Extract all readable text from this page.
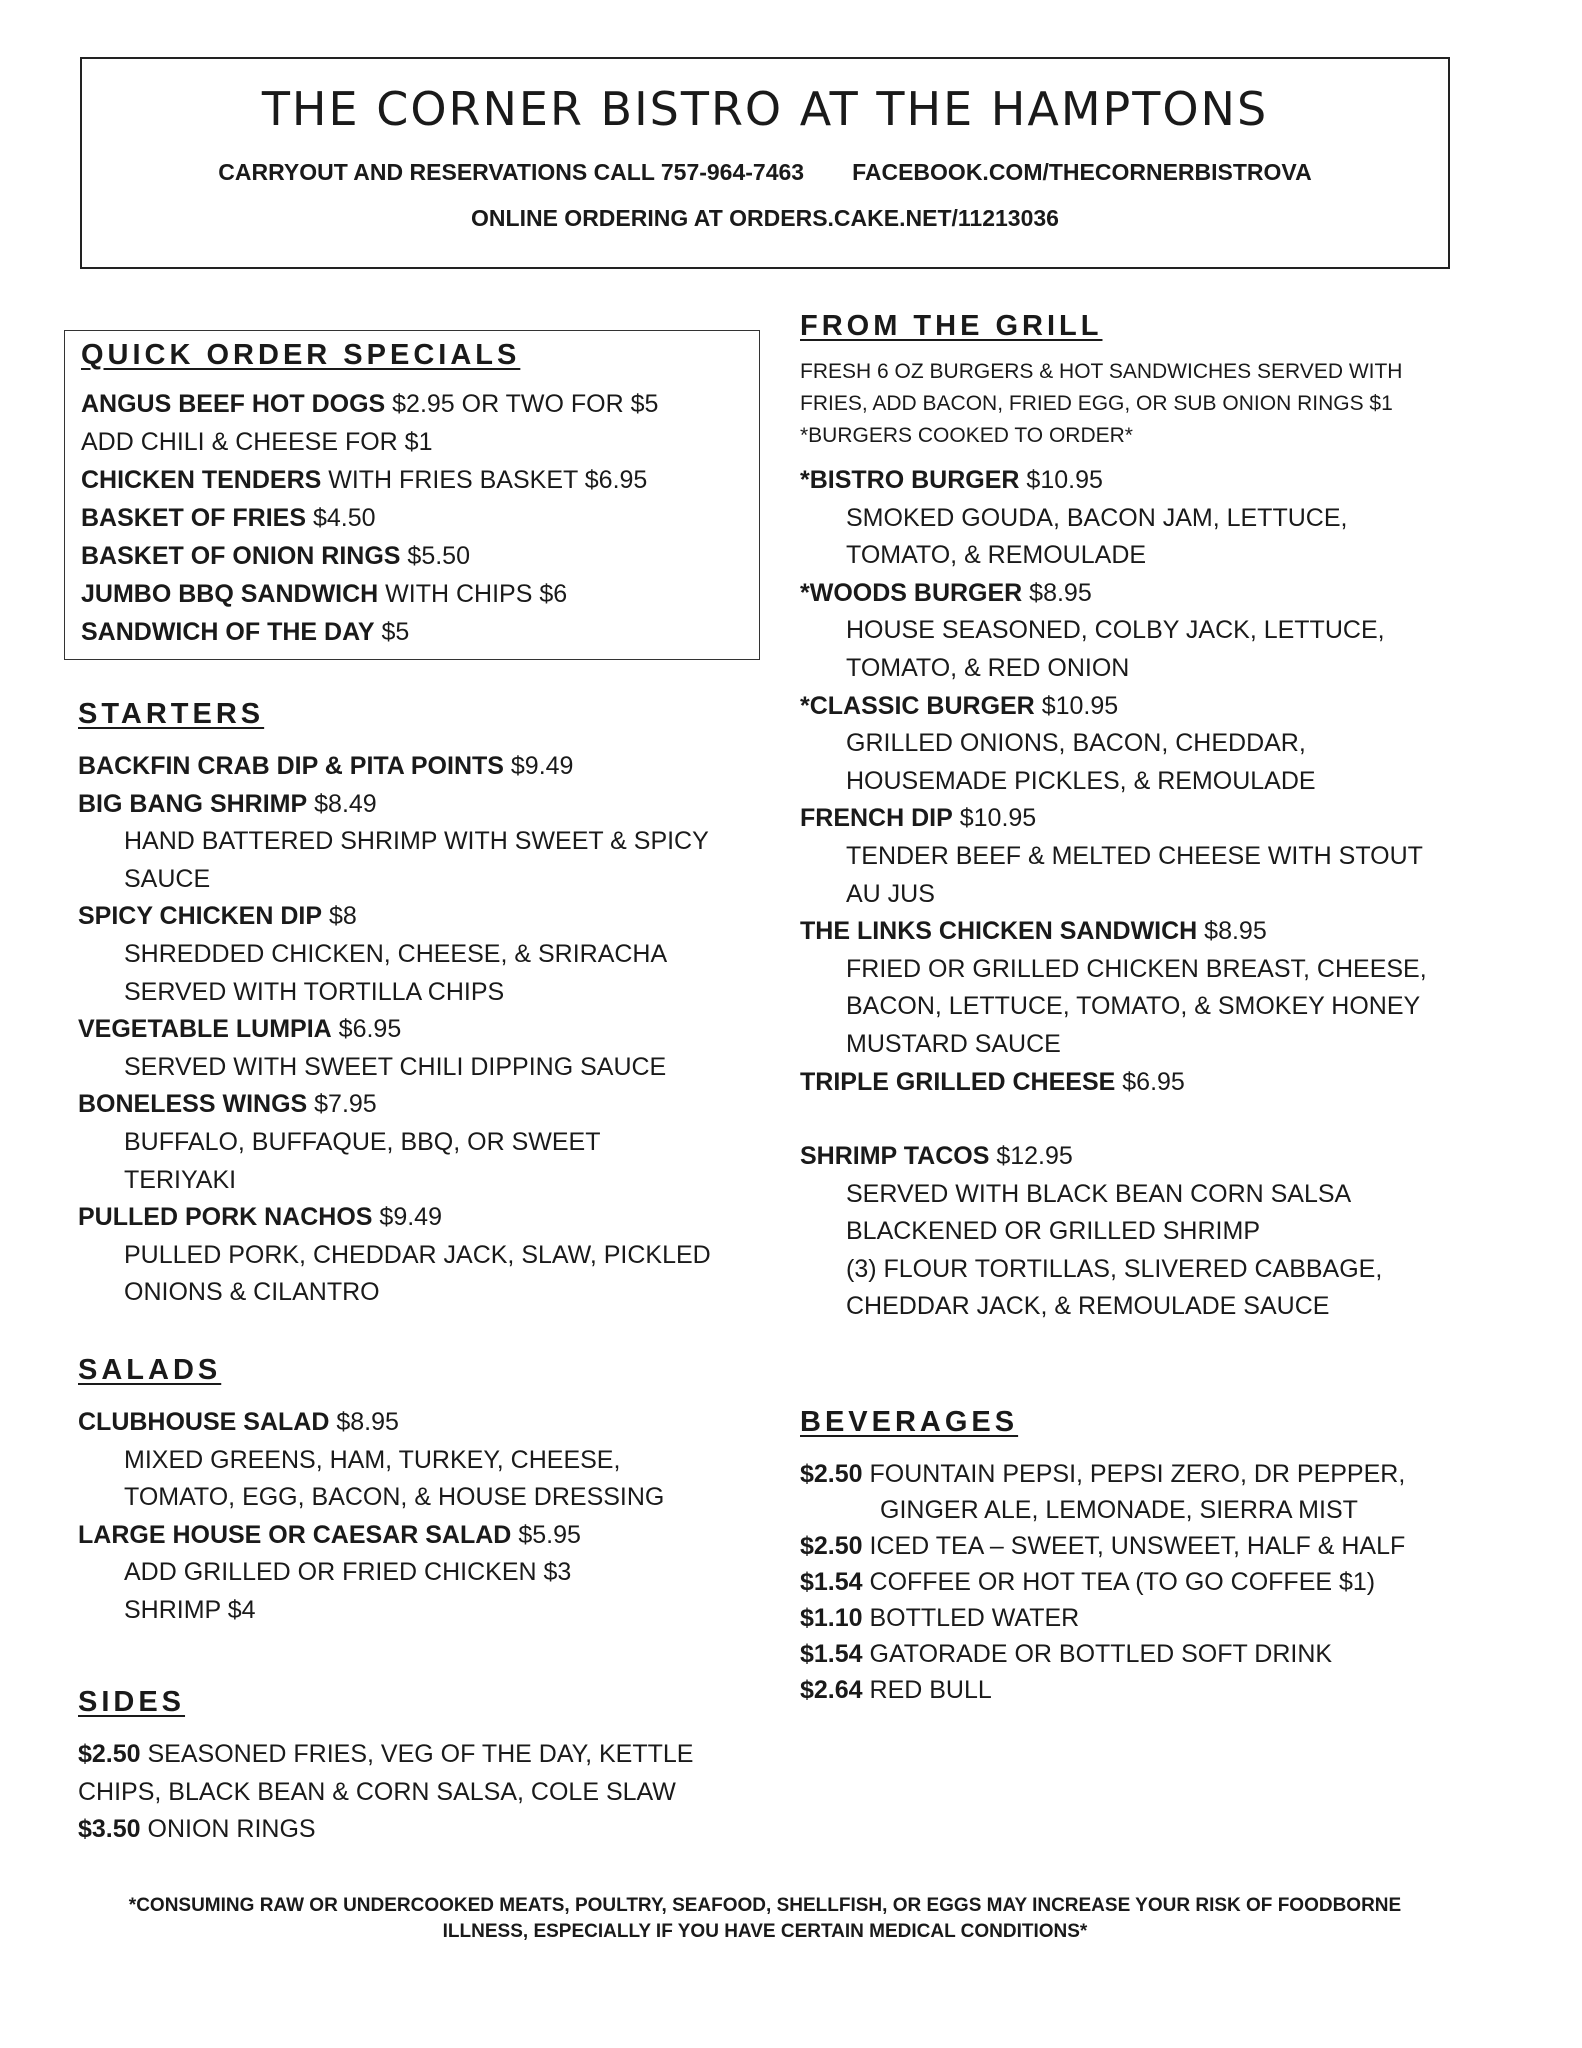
THE CORNER BISTRO AT THE HAMPTONS
CARRYOUT AND RESERVATIONS CALL 757-964-7463 FACEBOOK.COM/THECORNERBISTROVA
ONLINE ORDERING AT ORDERS.CAKE.NET/11213036
QUICK ORDER SPECIALS
ANGUS BEEF HOT DOGS $2.95 OR TWO FOR $5
ADD CHILI & CHEESE FOR $1
CHICKEN TENDERS WITH FRIES BASKET $6.95
BASKET OF FRIES $4.50
BASKET OF ONION RINGS $5.50
JUMBO BBQ SANDWICH WITH CHIPS $6
SANDWICH OF THE DAY $5
STARTERS
BACKFIN CRAB DIP & PITA POINTS $9.49
BIG BANG SHRIMP $8.49
HAND BATTERED SHRIMP WITH SWEET & SPICY
SAUCE
SPICY CHICKEN DIP $8
SHREDDED CHICKEN, CHEESE, & SRIRACHA
SERVED WITH TORTILLA CHIPS
VEGETABLE LUMPIA $6.95
SERVED WITH SWEET CHILI DIPPING SAUCE
BONELESS WINGS $7.95
BUFFALO, BUFFAQUE, BBQ, OR SWEET
TERIYAKI
PULLED PORK NACHOS $9.49
PULLED PORK, CHEDDAR JACK, SLAW, PICKLED
ONIONS & CILANTRO
SALADS
CLUBHOUSE SALAD $8.95
MIXED GREENS, HAM, TURKEY, CHEESE,
TOMATO, EGG, BACON, & HOUSE DRESSING
LARGE HOUSE OR CAESAR SALAD $5.95
ADD GRILLED OR FRIED CHICKEN $3
SHRIMP $4
SIDES
$2.50 SEASONED FRIES, VEG OF THE DAY, KETTLE
CHIPS, BLACK BEAN & CORN SALSA, COLE SLAW
$3.50 ONION RINGS
FROM THE GRILL
FRESH 6 OZ BURGERS & HOT SANDWICHES SERVED WITH
FRIES, ADD BACON, FRIED EGG, OR SUB ONION RINGS $1
*BURGERS COOKED TO ORDER*
*BISTRO BURGER $10.95
SMOKED GOUDA, BACON JAM, LETTUCE,
TOMATO, & REMOULADE
*WOODS BURGER $8.95
HOUSE SEASONED, COLBY JACK, LETTUCE,
TOMATO, & RED ONION
*CLASSIC BURGER $10.95
GRILLED ONIONS, BACON, CHEDDAR,
HOUSEMADE PICKLES, & REMOULADE
FRENCH DIP $10.95
TENDER BEEF & MELTED CHEESE WITH STOUT
AU JUS
THE LINKS CHICKEN SANDWICH $8.95
FRIED OR GRILLED CHICKEN BREAST, CHEESE,
BACON, LETTUCE, TOMATO, & SMOKEY HONEY
MUSTARD SAUCE
TRIPLE GRILLED CHEESE $6.95
SHRIMP TACOS $12.95
SERVED WITH BLACK BEAN CORN SALSA
BLACKENED OR GRILLED SHRIMP
(3) FLOUR TORTILLAS, SLIVERED CABBAGE,
CHEDDAR JACK, & REMOULADE SAUCE
BEVERAGES
$2.50 FOUNTAIN PEPSI, PEPSI ZERO, DR PEPPER,
GINGER ALE, LEMONADE, SIERRA MIST
$2.50 ICED TEA – SWEET, UNSWEET, HALF & HALF
$1.54 COFFEE OR HOT TEA (TO GO COFFEE $1)
$1.10 BOTTLED WATER
$1.54 GATORADE OR BOTTLED SOFT DRINK
$2.64 RED BULL
*CONSUMING RAW OR UNDERCOOKED MEATS, POULTRY, SEAFOOD, SHELLFISH, OR EGGS MAY INCREASE YOUR RISK OF FOODBORNE
ILLNESS, ESPECIALLY IF YOU HAVE CERTAIN MEDICAL CONDITIONS*
